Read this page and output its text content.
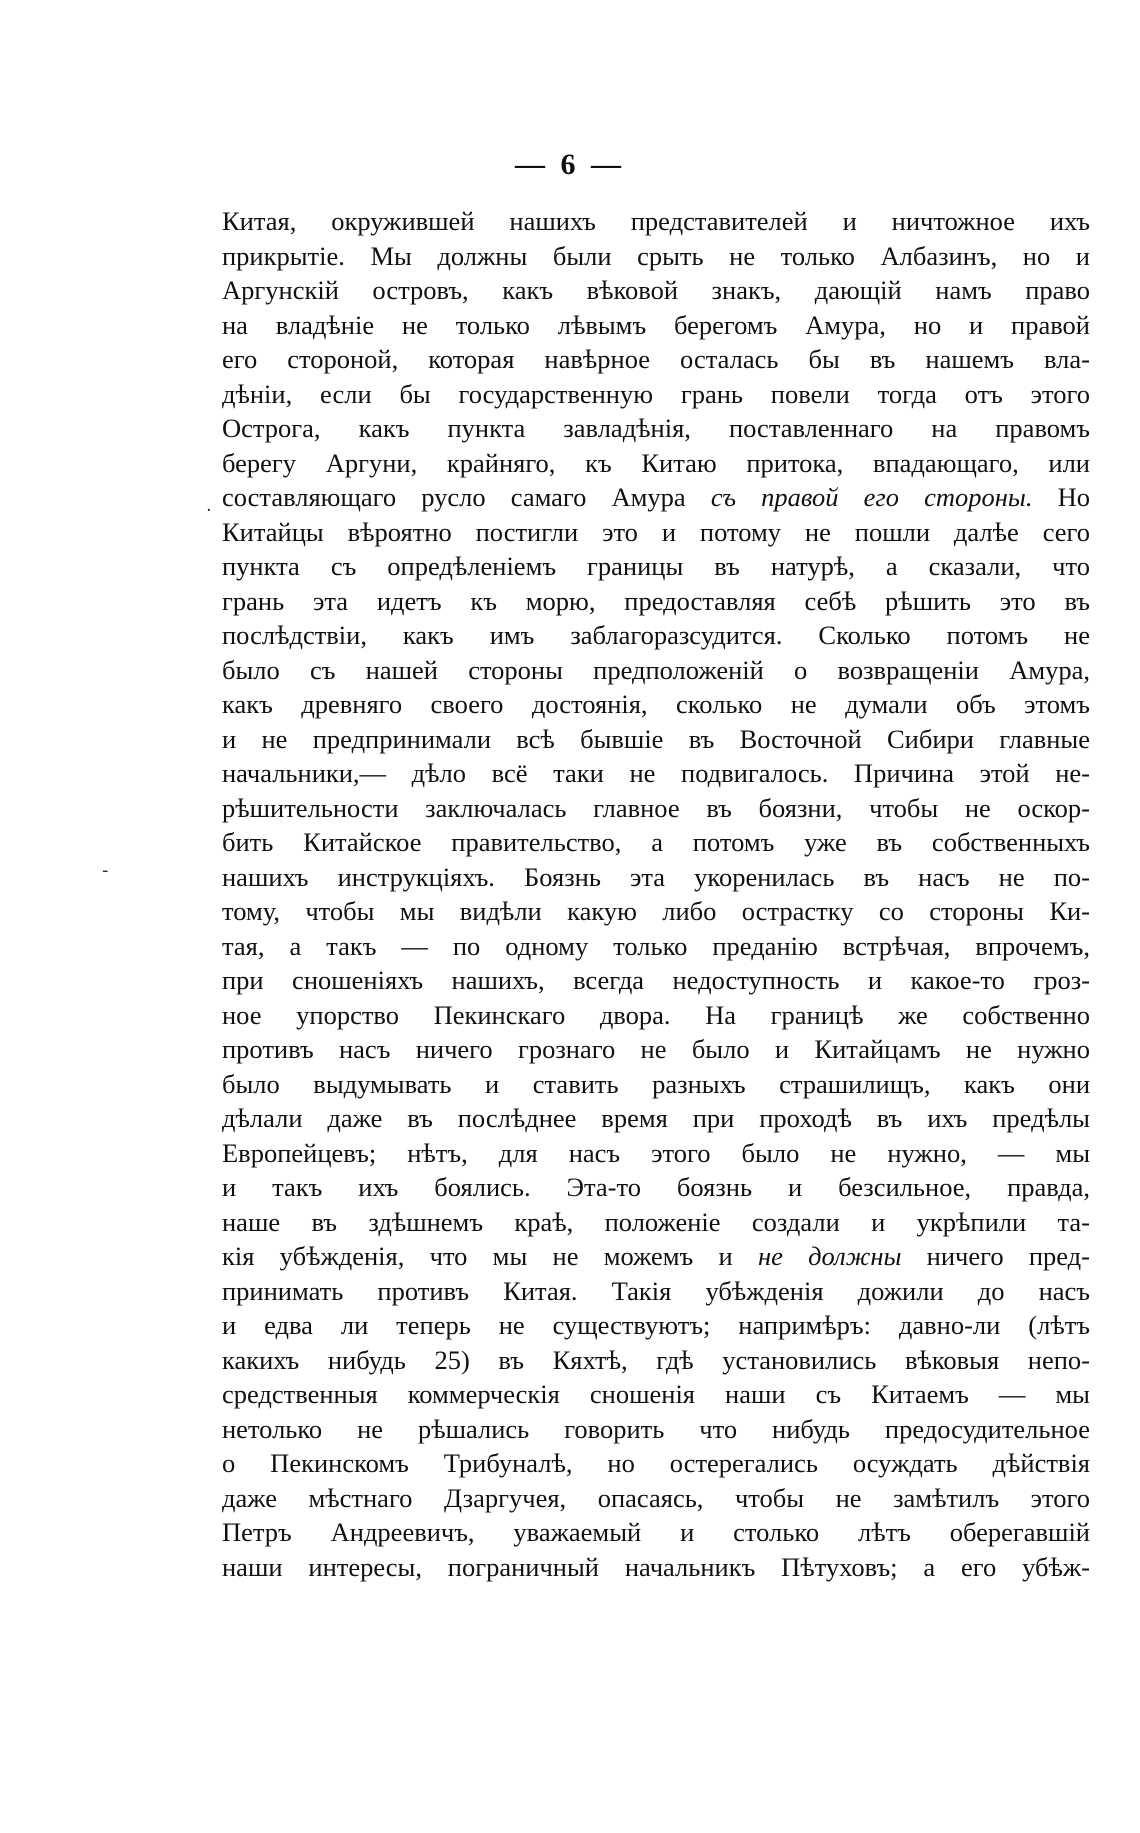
— 6 —
·
-
Китая, окружившей нашихъ представителей и ничтожное ихъ
прикрытіе. Мы должны были срыть не только Албазинъ, но и
Аргунскій островъ, какъ вѣковой знакъ, дающій намъ право
на владѣніе не только лѣвымъ берегомъ Амура, но и правой
его стороной, которая навѣрное осталась бы въ нашемъ вла-
дѣніи, если бы государственную грань повели тогда отъ этого
Острога, какъ пункта завладѣнія, поставленнаго на правомъ
берегу Аргуни, крайняго, къ Китаю притока, впадающаго, или
составляющаго русло самаго Амура съ правой его стороны. Но
Китайцы вѣроятно постигли это и потому не пошли далѣе сего
пункта съ опредѣленіемъ границы въ натурѣ, а сказали, что
грань эта идетъ къ морю, предоставляя себѣ рѣшить это въ
послѣдствіи, какъ имъ заблагоразсудится. Сколько потомъ не
было съ нашей стороны предположеній о возвращеніи Амура,
какъ древняго своего достоянія, сколько не думали объ этомъ
и не предпринимали всѣ бывшіе въ Восточной Сибири главные
начальники,— дѣло всё таки не подвигалось. Причина этой не-
рѣшительности заключалась главное въ боязни, чтобы не оскор-
бить Китайское правительство, а потомъ уже въ собственныхъ
нашихъ инструкціяхъ. Боязнь эта укоренилась въ насъ не по-
тому, чтобы мы видѣли какую либо острастку со стороны Ки-
тая, а такъ — по одному только преданію встрѣчая, впрочемъ,
при сношеніяхъ нашихъ, всегда недоступность и какое-то гроз-
ное упорство Пекинскаго двора. На границѣ же собственно
противъ насъ ничего грознаго не было и Китайцамъ не нужно
было выдумывать и ставить разныхъ страшилищъ, какъ они
дѣлали даже въ послѣднее время при проходѣ въ ихъ предѣлы
Европейцевъ; нѣтъ, для насъ этого было не нужно, — мы
и такъ ихъ боялись. Эта-то боязнь и безсильное, правда,
наше въ здѣшнемъ краѣ, положеніе создали и укрѣпили та-
кія убѣжденія, что мы не можемъ и не должны ничего пред-
принимать противъ Китая. Такія убѣжденія дожили до насъ
и едва ли теперь не существуютъ; напримѣръ: давно-ли (лѣтъ
какихъ нибудь 25) въ Кяхтѣ, гдѣ установились вѣковыя непо-
средственныя коммерческія сношенія наши съ Китаемъ — мы
нетолько не рѣшались говорить что нибудь предосудительное
о Пекинскомъ Трибуналѣ, но остерегались осуждать дѣйствія
даже мѣстнаго Дзаргучея, опасаясь, чтобы не замѣтилъ этого
Петръ Андреевичъ, уважаемый и столько лѣтъ оберегавшій
наши интересы, пограничный начальникъ Пѣтуховъ; а его убѣж-
